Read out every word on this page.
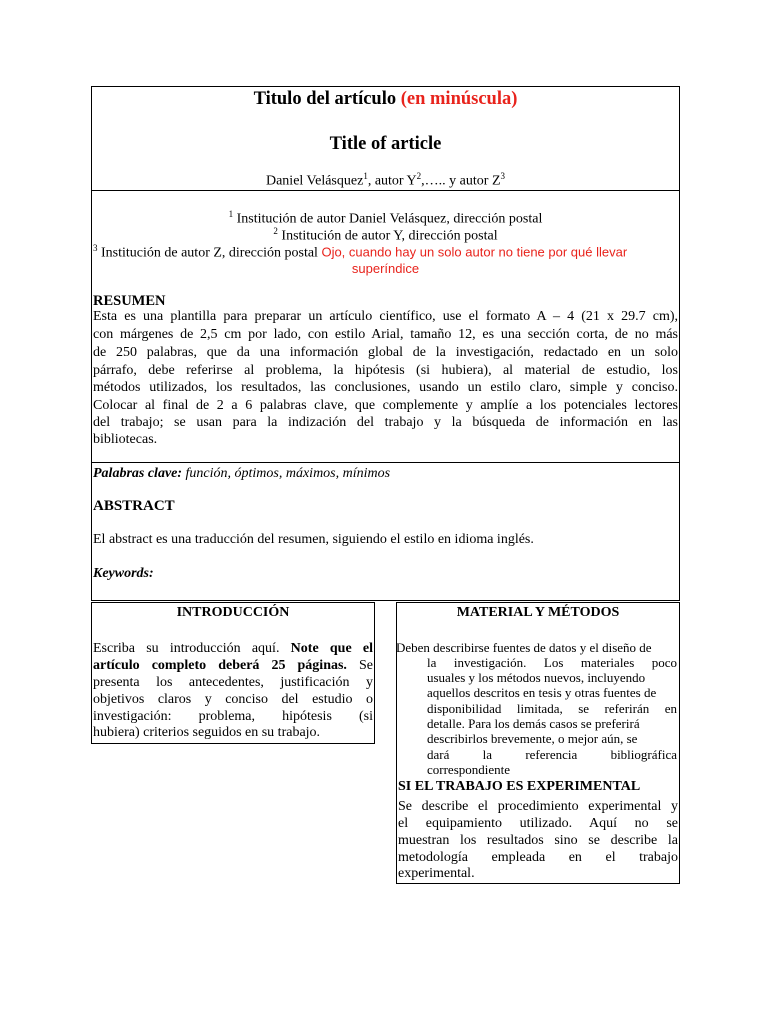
Titulo del artículo (en minúscula)

Title of article

Daniel Velásquez$^1$, autor $Y^2,\dots$.. y autor $Z^3$

$^1$ Institución de autor Daniel Velásquez, dirección postal

$^2$ Institución de autor Y, dirección postal

$^3$ Institución de autor Z, dirección postal Ojo, cuando hay un solo autor no tiene por qué llevar

superíndice

RESUMEN

Esta es una plantilla para preparar un artículo científico, use el formato A – 4 (21 x 29.7 cm),

con márgenes de 2,5 cm por lado, con estilo Arial, tamaño 12, es una sección corta, de no más

de 250 palabras, que da una información global de la investigación, redactado en un solo

párrafo, debe referirse al problema, la hipótesis (si hubiera), al material de estudio, los

métodos utilizados, los resultados, las conclusiones, usando un estilo claro, simple y conciso.

Colocar al final de 2 a 6 palabras clave, que complemente y amplíe a los potenciales lectores

del trabajo; se usan para la indización del trabajo y la búsqueda de información en las

bibliotecas.

Palabras clave: función, óptimos, máximos, mínimos

ABSTRACT

El abstract es una traducción del resumen, siguiendo el estilo en idioma inglés.

Keywords:

INTRODUCCIÓN

Escriba su introducción aquí. Note que el

artículo completo deberá 25 páginas. Se

presenta los antecedentes, justificación y

objetivos claros y conciso del estudio o

investigación: problema, hipótesis (si

hubiera) criterios seguidos en su trabajo.

MATERIAL Y MÉTODOS

Deben describirse fuentes de datos y el diseño de

la investigación. Los materiales poco

usuales y los métodos nuevos, incluyendo

aquellos descritos en tesis y otras fuentes de

disponibilidad limitada, se referirán en

detalle. Para los demás casos se preferirá

describirlos brevemente, o mejor aún, se

dará la referencia bibliográfica

correspondiente

SI EL TRABAJO ES EXPERIMENTAL

Se describe el procedimiento experimental y

el equipamiento utilizado. Aquí no se

muestran los resultados sino se describe la

metodología empleada en el trabajo

experimental.
